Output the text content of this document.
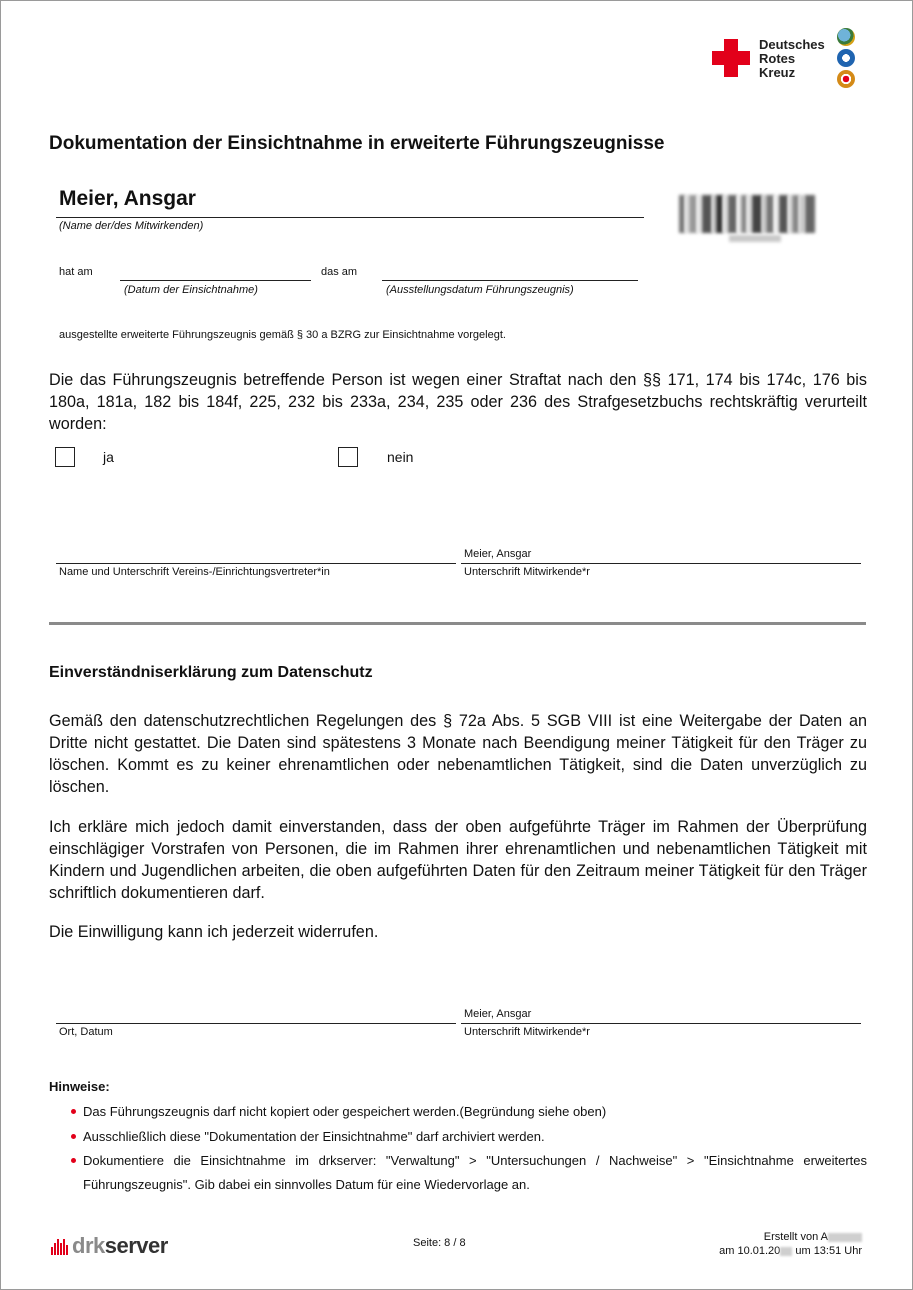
Deutsches
Rotes
Kreuz
Dokumentation der Einsichtnahme in erweiterte Führungszeugnisse
Meier, Ansgar
(Name der/des Mitwirkenden)
hat am
(Datum der Einsichtnahme)
das am
(Ausstellungsdatum Führungszeugnis)
ausgestellte erweiterte Führungszeugnis gemäß § 30 a BZRG zur Einsichtnahme vorgelegt.
Die das Führungszeugnis betreffende Person ist wegen einer Straftat nach den §§ 171, 174 bis 174c, 176 bis 180a, 181a, 182 bis 184f, 225, 232 bis 233a, 234, 235 oder 236 des Strafgesetzbuchs rechtskräftig verurteilt worden:
ja	nein
Name und Unterschrift Vereins-/Einrichtungsvertreter*in
Meier, Ansgar
Unterschrift Mitwirkende*r
Einverständniserklärung zum Datenschutz
Gemäß den datenschutzrechtlichen Regelungen des § 72a Abs. 5 SGB VIII ist eine Weitergabe der Daten an Dritte nicht gestattet. Die Daten sind spätestens 3 Monate nach Beendigung meiner Tätigkeit für den Träger zu löschen. Kommt es zu keiner ehrenamtlichen oder nebenamtlichen Tätigkeit, sind die Daten unverzüglich zu löschen.
Ich erkläre mich jedoch damit einverstanden, dass der oben aufgeführte Träger im Rahmen der Überprüfung einschlägiger Vorstrafen von Personen, die im Rahmen ihrer ehrenamtlichen und nebenamtlichen Tätigkeit mit Kindern und Jugendlichen arbeiten, die oben aufgeführten Daten für den Zeitraum meiner Tätigkeit für den Träger schriftlich dokumentieren darf.
Die Einwilligung kann ich jederzeit widerrufen.
Ort, Datum
Meier, Ansgar
Unterschrift Mitwirkende*r
Hinweise:
Das Führungszeugnis darf nicht kopiert oder gespeichert werden.(Begründung siehe oben)
Ausschließlich diese "Dokumentation der Einsichtnahme" darf archiviert werden.
Dokumentiere die Einsichtnahme im drkserver: "Verwaltung" > "Untersuchungen / Nachweise" > "Einsichtnahme erweitertes Führungszeugnis". Gib dabei ein sinnvolles Datum für eine Wiedervorlage an.
drkserver	Seite: 8 / 8	Erstellt von A
am 10.01.20 um 13:51 Uhr
